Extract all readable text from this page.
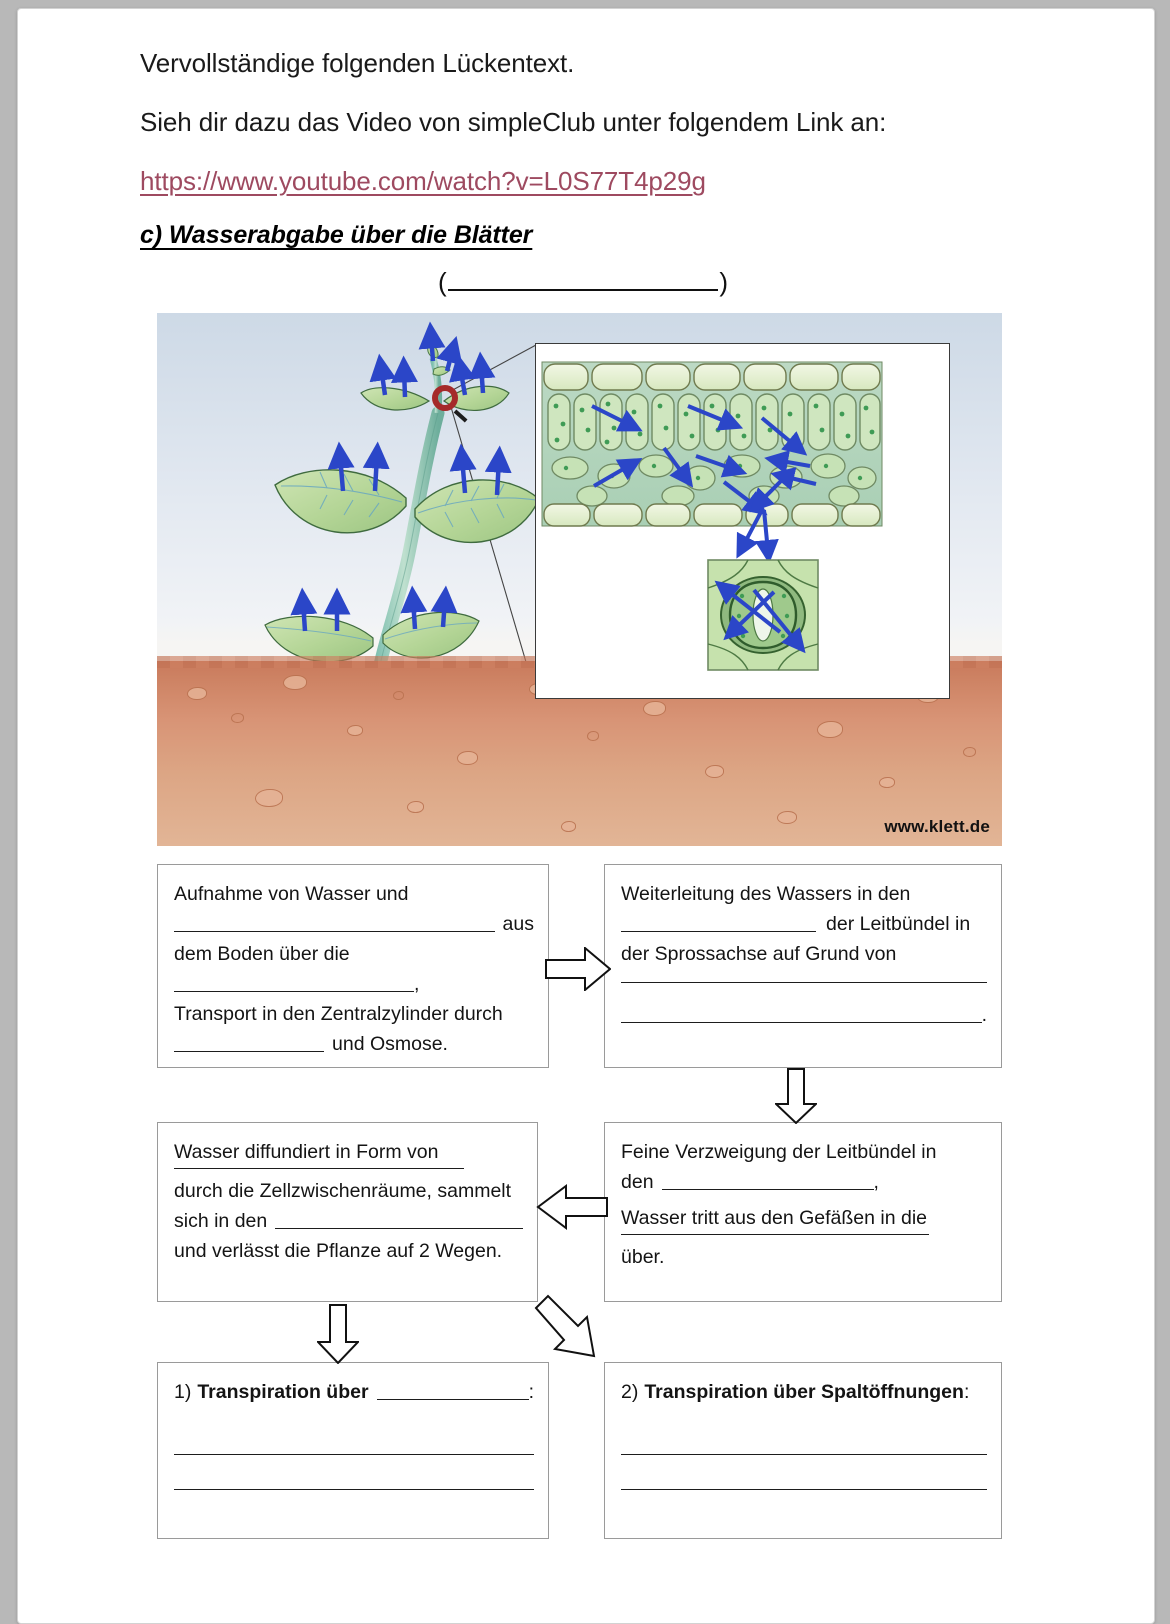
Vervollständige folgenden Lückentext.
Sieh dir dazu das Video von simpleClub unter folgendem Link an:
https://www.youtube.com/watch?v=L0S77T4p29g
c) Wasserabgabe über die Blätter
(	)
www.klett.de
Aufnahme von Wasser und
aus
dem Boden über die
,
Transport in den Zentralzylinder durch
und Osmose.
Weiterleitung des Wassers in den
der Leitbündel in
der Sprossachse auf Grund von
.
Wasser diffundiert in Form von
durch die Zellzwischenräume, sammelt
sich in den
und verlässt die Pflanze auf 2 Wegen.
Feine Verzweigung der Leitbündel in
den	,
Wasser tritt aus den Gefäßen in die
über.
1) Transpiration über	:	2) Transpiration über Spaltöffnungen :
